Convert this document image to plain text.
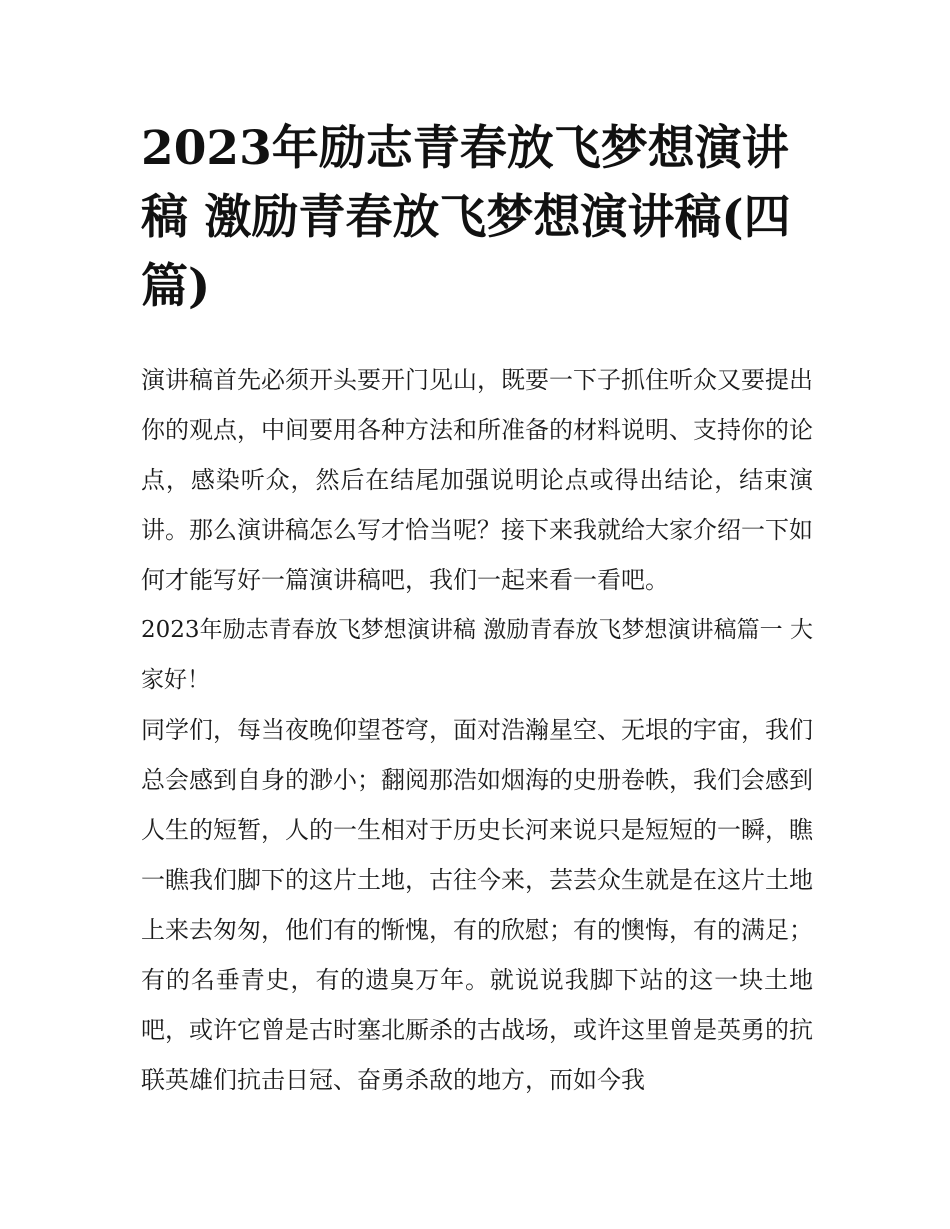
2023年励志青春放飞梦想演讲稿 激励青春放飞梦想演讲稿(四篇)

演讲稿首先必须开头要开门见山，既要一下子抓住听众又要提出你的观点，中间要用各种方法和所准备的材料说明、支持你的论点，感染听众，然后在结尾加强说明论点或得出结论，结束演讲。那么演讲稿怎么写才恰当呢？接下来我就给大家介绍一下如何才能写好一篇演讲稿吧，我们一起来看一看吧。

2023年励志青春放飞梦想演讲稿 激励青春放飞梦想演讲稿篇一 大家好！

同学们，每当夜晚仰望苍穹，面对浩瀚星空、无垠的宇宙，我们总会感到自身的渺小；翻阅那浩如烟海的史册卷帙，我们会感到人生的短暂，人的一生相对于历史长河来说只是短短的一瞬，瞧一瞧我们脚下的这片土地，古往今来，芸芸众生就是在这片土地上来去匆匆，他们有的惭愧，有的欣慰；有的懊悔，有的满足；有的名垂青史，有的遗臭万年。就说说我脚下站的这一块土地吧，或许它曾是古时塞北厮杀的古战场，或许这里曾是英勇的抗联英雄们抗击日冠、奋勇杀敌的地方，而如今我
